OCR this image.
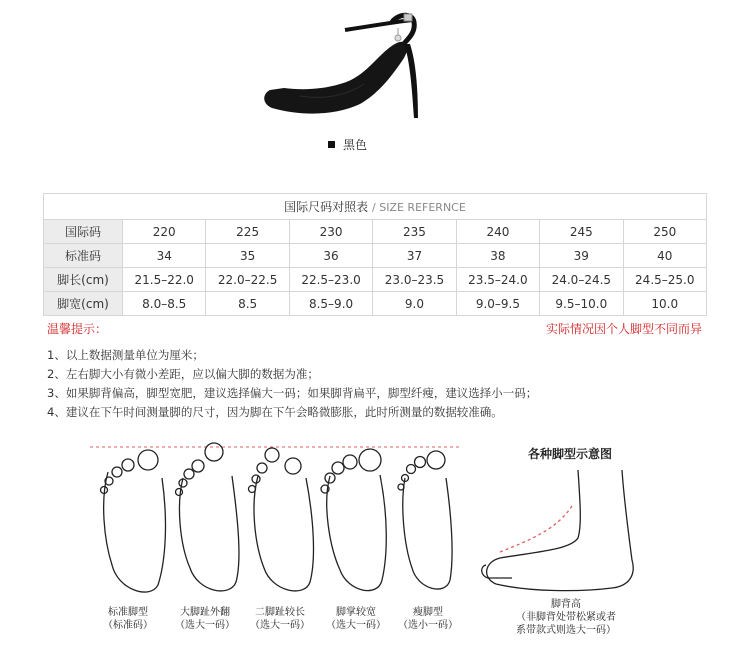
黑色
国际尺码对照表 / SIZE REFERNCE							
国际码	220	225	230	235	240	245	250
标准码	34	35	36	37	38	39	40
脚长(cm)	21.5–22.0	22.0–22.5	22.5–23.0	23.0–23.5	23.5–24.0	24.0–24.5	24.5–25.0
脚宽(cm)	8.0–8.5	8.5	8.5–9.0	9.0	9.0–9.5	9.5–10.0	10.0
温馨提示：	实际情况因个人脚型不同而异
1、以上数据测量单位为厘米；
2、左右脚大小有微小差距，应以偏大脚的数据为准；
3、如果脚背偏高，脚型宽肥，建议选择偏大一码；如果脚背扁平，脚型纤瘦，建议选择小一码；
4、建议在下午时间测量脚的尺寸，因为脚在下午会略微膨胀，此时所测量的数据较准确。
标准脚型
（标准码）
大脚趾外翻
（选大一码）
二脚趾较长
（选大一码）
脚掌较宽
（选大一码）
瘦脚型
（选小一码）
各种脚型示意图
脚背高
（非脚背处带松紧或者
系带款式则选大一码）
